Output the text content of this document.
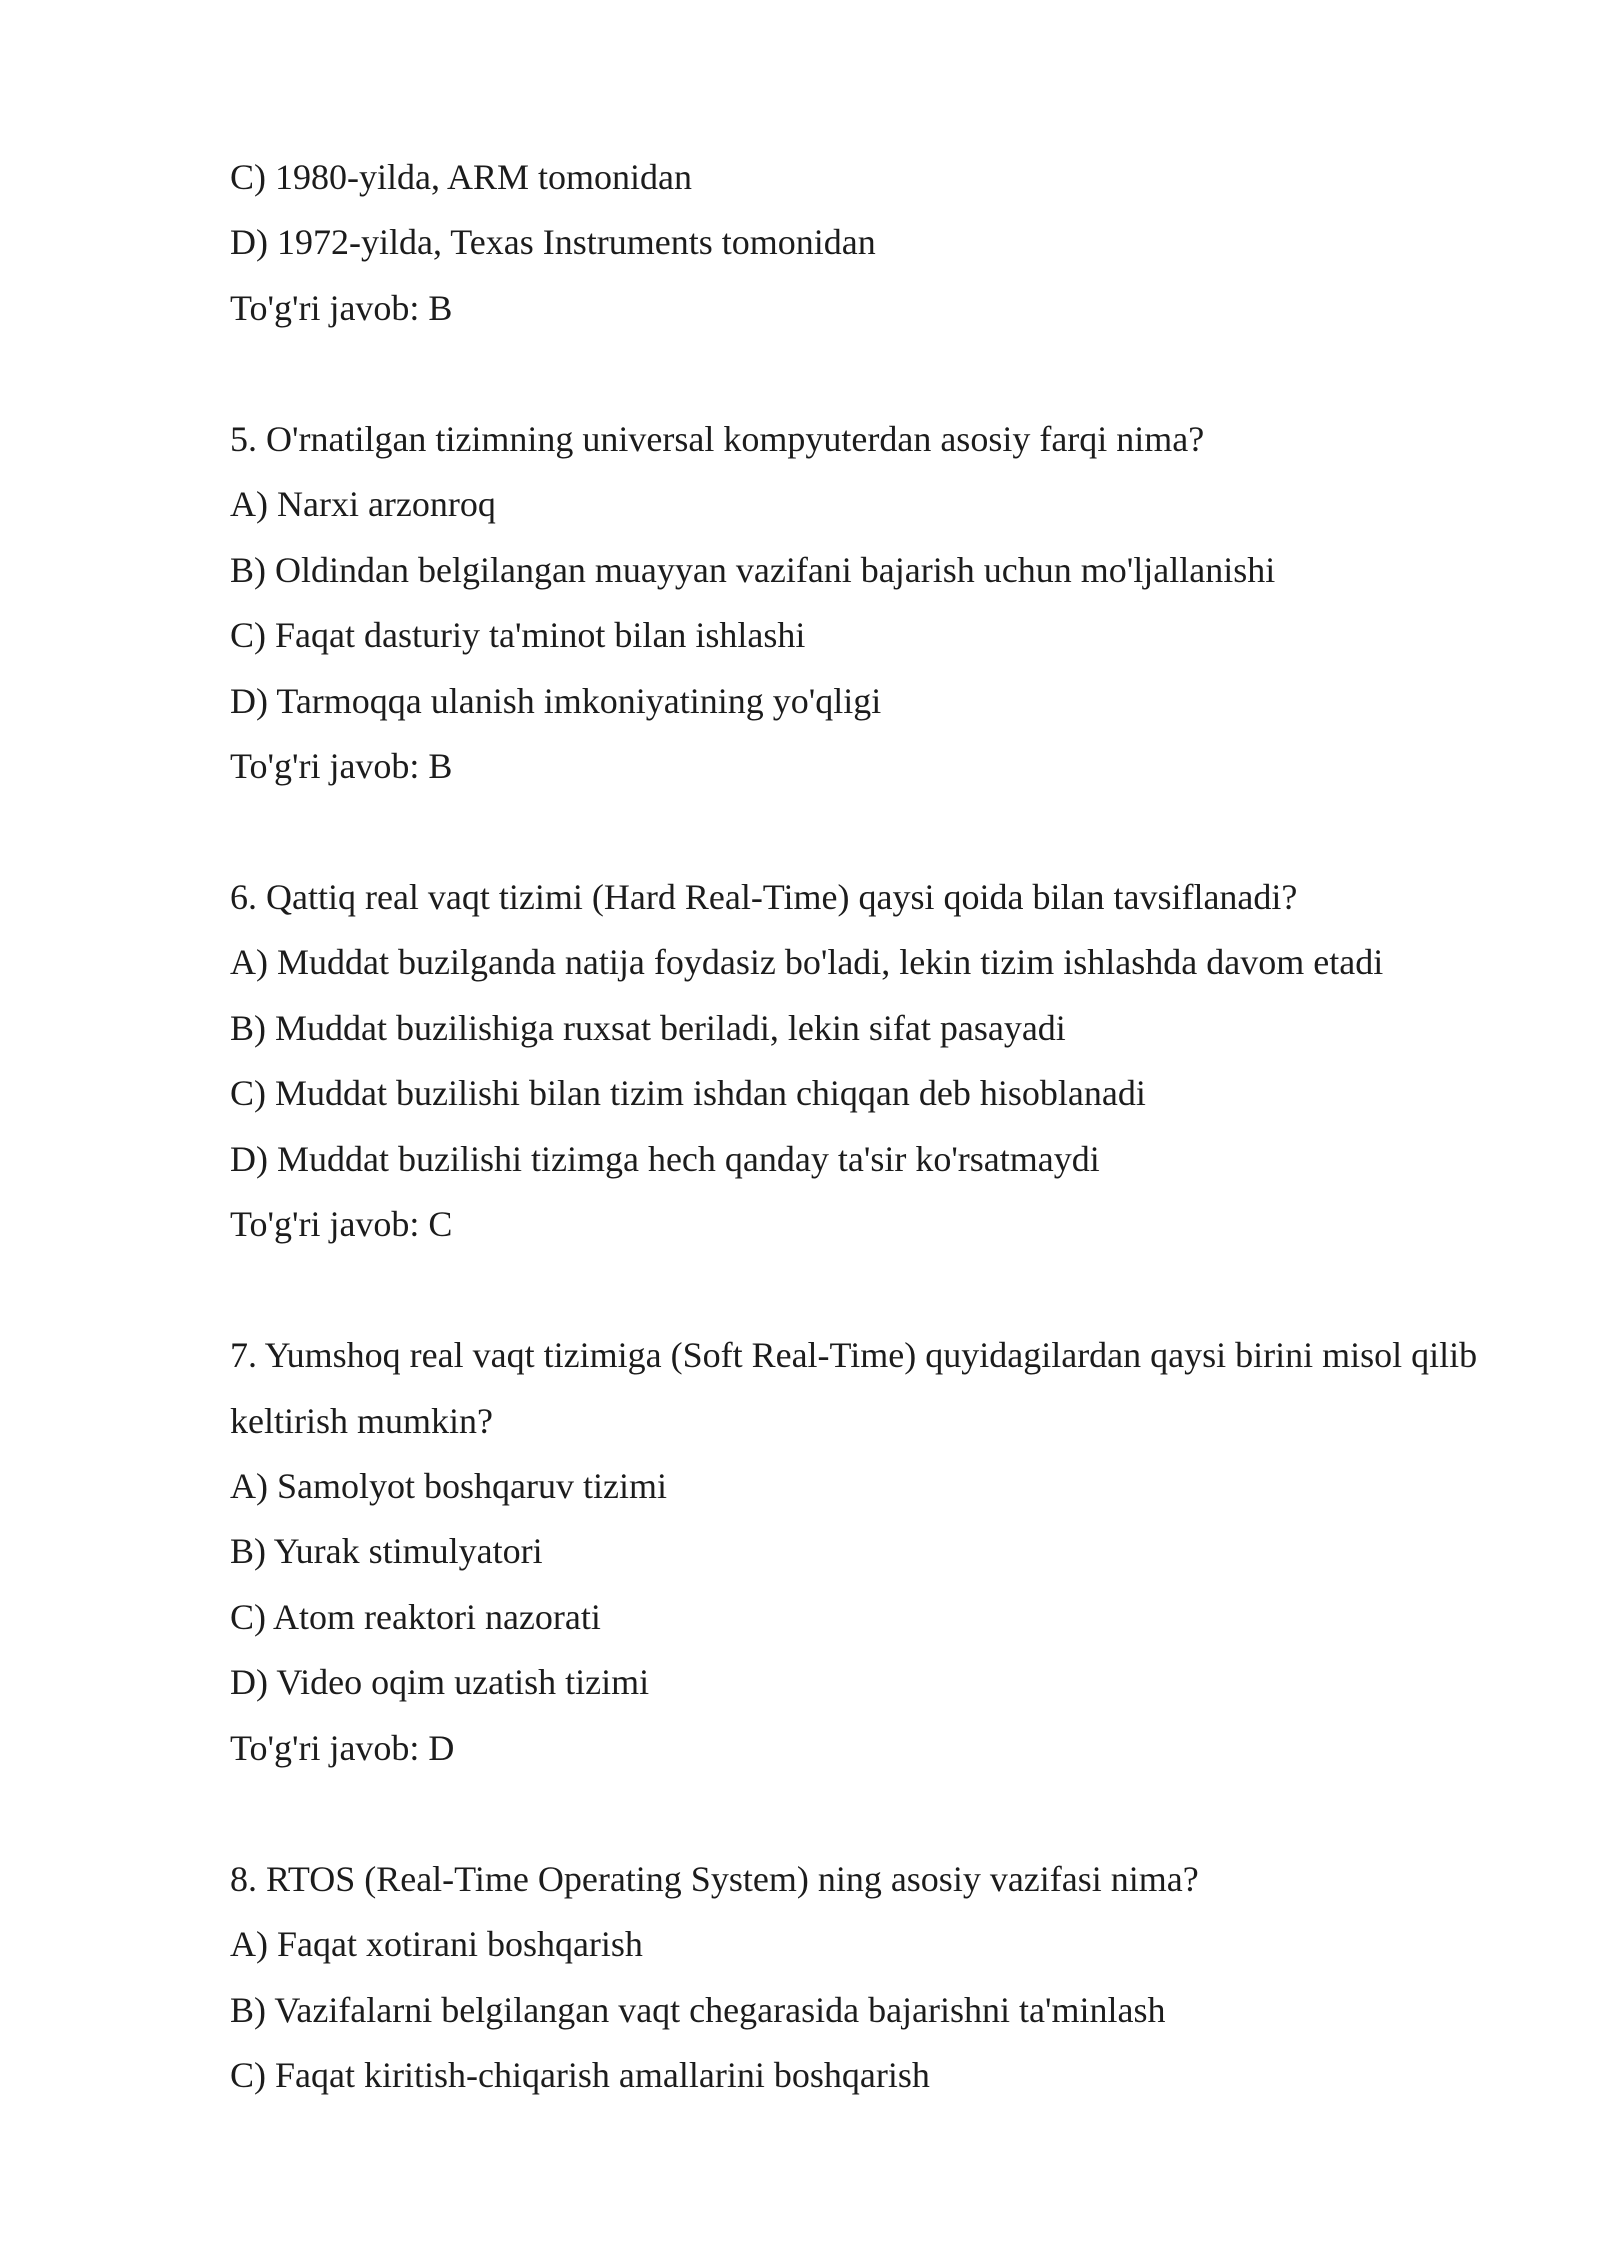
C) 1980-yilda, ARM tomonidan
D) 1972-yilda, Texas Instruments tomonidan
To'g'ri javob: B
5. O'rnatilgan tizimning universal kompyuterdan asosiy farqi nima?
A) Narxi arzonroq
B) Oldindan belgilangan muayyan vazifani bajarish uchun mo'ljallanishi
C) Faqat dasturiy ta'minot bilan ishlashi
D) Tarmoqqa ulanish imkoniyatining yo'qligi
To'g'ri javob: B
6. Qattiq real vaqt tizimi (Hard Real-Time) qaysi qoida bilan tavsiflanadi?
A) Muddat buzilganda natija foydasiz bo'ladi, lekin tizim ishlashda davom etadi
B) Muddat buzilishiga ruxsat beriladi, lekin sifat pasayadi
C) Muddat buzilishi bilan tizim ishdan chiqqan deb hisoblanadi
D) Muddat buzilishi tizimga hech qanday ta'sir ko'rsatmaydi
To'g'ri javob: C
7. Yumshoq real vaqt tizimiga (Soft Real-Time) quyidagilardan qaysi birini misol qilib keltirish mumkin?
A) Samolyot boshqaruv tizimi
B) Yurak stimulyatori
C) Atom reaktori nazorati
D) Video oqim uzatish tizimi
To'g'ri javob: D
8. RTOS (Real-Time Operating System) ning asosiy vazifasi nima?
A) Faqat xotirani boshqarish
B) Vazifalarni belgilangan vaqt chegarasida bajarishni ta'minlash
C) Faqat kiritish-chiqarish amallarini boshqarish
